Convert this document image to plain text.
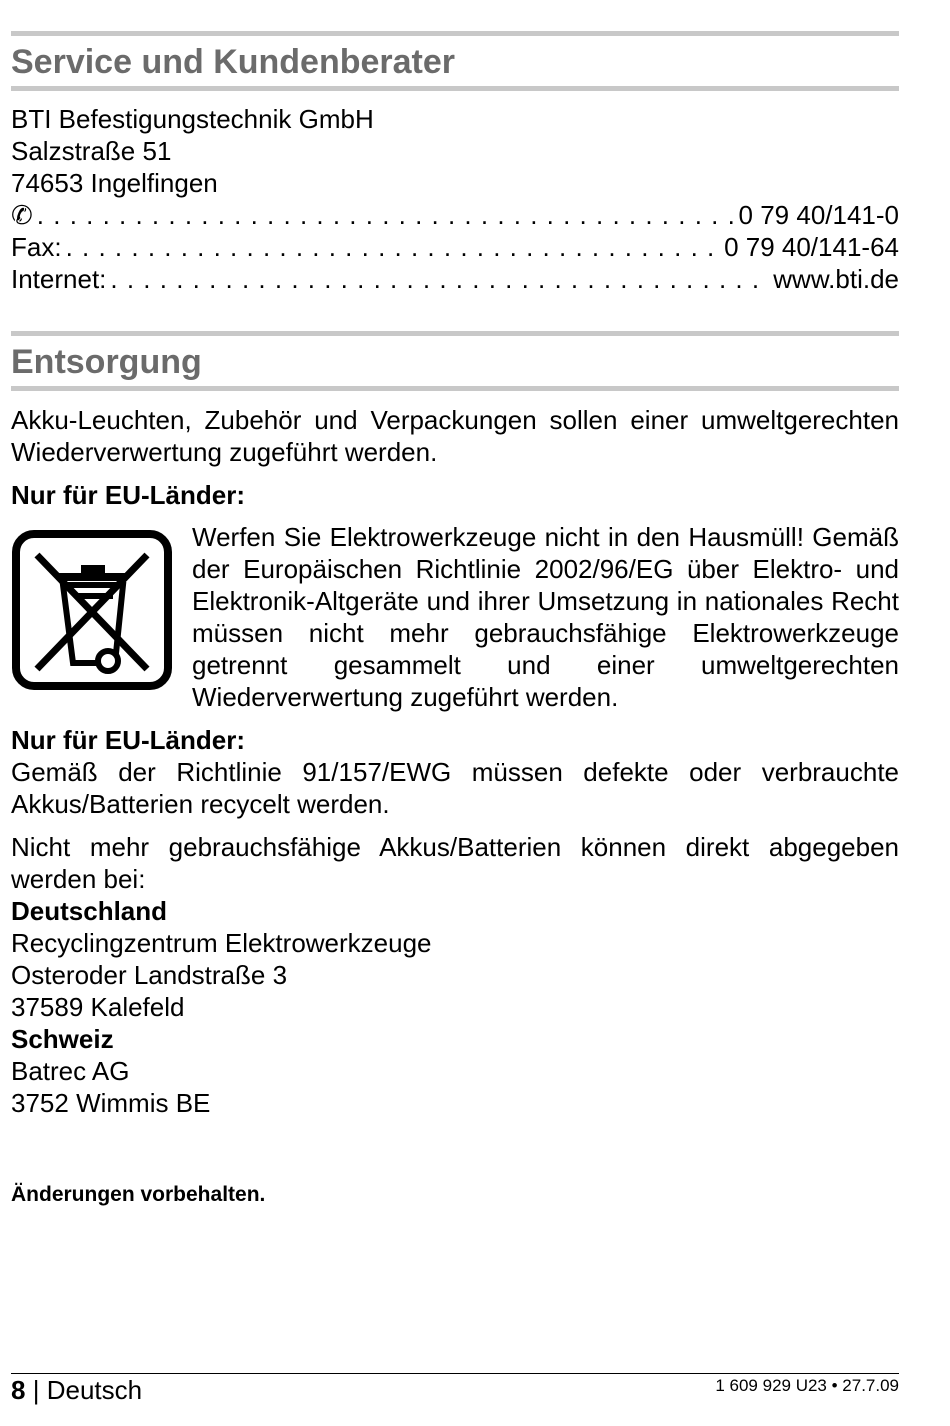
Service und Kundenberater
BTI Befestigungstechnik GmbH
Salzstraße 51
74653 Ingelfingen
✆ . . .	0 79 40/141-0
Fax: . . .	0 79 40/141-64
Internet: . . .	www.bti.de
Entsorgung
Akku-Leuchten, Zubehör und Verpackungen sollen einer umweltgerechten Wiederverwertung zugeführt werden.
Nur für EU-Länder:
Werfen Sie Elektrowerkzeuge nicht in den Hausmüll! Gemäß der Europäischen Richtlinie 2002/96/EG über Elektro- und Elektronik-Altgeräte und ihrer Umsetzung in nationales Recht müssen nicht mehr gebrauchsfähige Elektrowerkzeuge getrennt gesammelt und einer umweltgerechten Wiederverwertung zugeführt werden.
Nur für EU-Länder:
Gemäß der Richtlinie 91/157/EWG müssen defekte oder verbrauchte Akkus/Batterien recycelt werden.
Nicht mehr gebrauchsfähige Akkus/Batterien können direkt abgegeben werden bei:
Deutschland
Recyclingzentrum Elektrowerkzeuge
Osteroder Landstraße 3
37589 Kalefeld
Schweiz
Batrec AG
3752 Wimmis BE
Änderungen vorbehalten.
8 | Deutsch	1 609 929 U23 • 27.7.09
